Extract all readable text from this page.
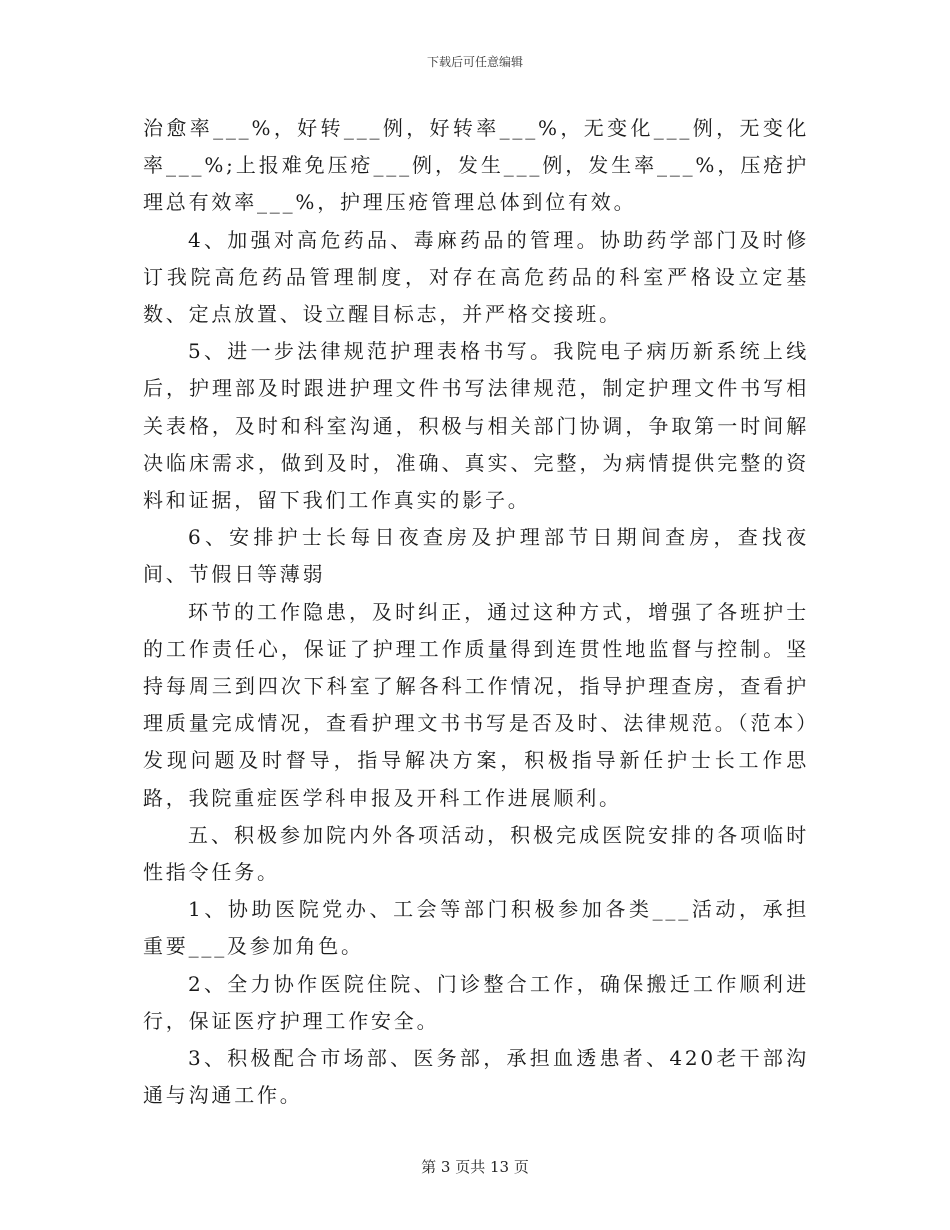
下载后可任意编辑

治愈率___%，好转___例，好转率___%，无变化___例，无变化率___%;上报难免压疮___例，发生___例，发生率___%，压疮护理总有效率___%，护理压疮管理总体到位有效。

4、加强对高危药品、毒麻药品的管理。协助药学部门及时修订我院高危药品管理制度，对存在高危药品的科室严格设立定基数、定点放置、设立醒目标志，并严格交接班。

5、进一步法律规范护理表格书写。我院电子病历新系统上线后，护理部及时跟进护理文件书写法律规范，制定护理文件书写相关表格，及时和科室沟通，积极与相关部门协调，争取第一时间解决临床需求，做到及时，准确、真实、完整，为病情提供完整的资料和证据，留下我们工作真实的影子。

6、安排护士长每日夜查房及护理部节日期间查房，查找夜间、节假日等薄弱

环节的工作隐患，及时纠正，通过这种方式，增强了各班护士的工作责任心，保证了护理工作质量得到连贯性地监督与控制。坚持每周三到四次下科室了解各科工作情况，指导护理查房，查看护理质量完成情况，查看护理文书书写是否及时、法律规范。（范本）发现问题及时督导，指导解决方案，积极指导新任护士长工作思路，我院重症医学科申报及开科工作进展顺利。

五、积极参加院内外各项活动，积极完成医院安排的各项临时性指令任务。

1、协助医院党办、工会等部门积极参加各类___活动，承担重要___及参加角色。

2、全力协作医院住院、门诊整合工作，确保搬迁工作顺利进行，保证医疗护理工作安全。

3、积极配合市场部、医务部，承担血透患者、420老干部沟通与沟通工作。

第 3 页共 13 页
